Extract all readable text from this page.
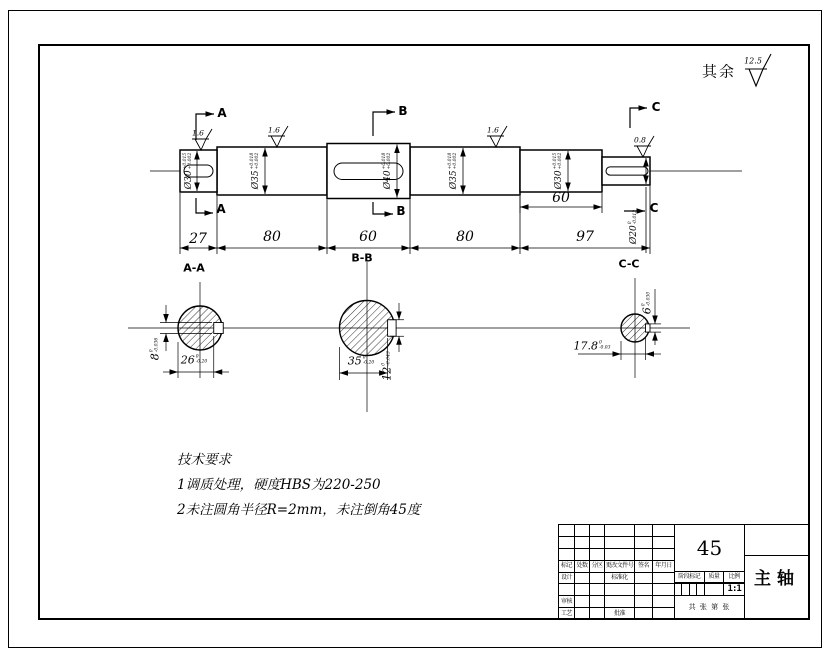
其余
12.5
A
A
B
B
C
C
1.6	1.6	1.6
0.8
27	80	60	80	97
60
Ø30
+0.015 +0.002
Ø35
+0.018 +0.002
Ø40
+0.018 +0.002
Ø35
+0.018 +0.002
Ø30
+0.015 +0.002
Ø20
0 -0.013
A-A
B-B	C-C
26 0
-0.20
8
0 -0.036
35 0
-0.20
12
0 -0.043
17.8 0
-0.03
6
0 -0.030
技术要求
1调质处理，硬度HBS为220-250
2未注圆角半径R=2mm，未注倒角45度
标记 处数 分区 更改文件号 签名	年月日
设计	标准化
审核
工艺	批准
45
阶段标记	质量	比例
1:1
共 张 第 张
主轴
